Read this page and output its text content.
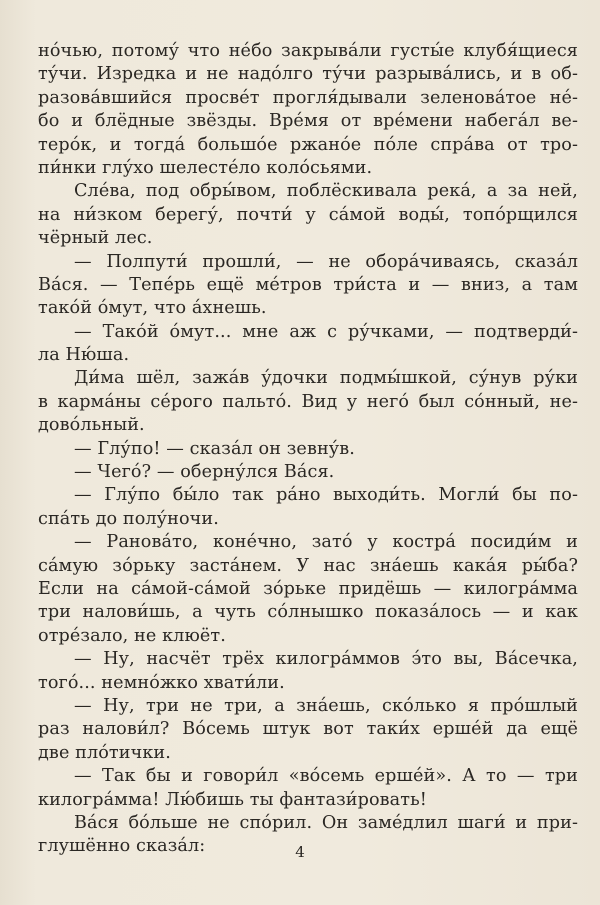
но́чью, потому́ что не́бо закрыва́ли густы́е клубя́щиеся
ту́чи. Изредка и не надо́лго ту́чи разрыва́лись, и в об-
разова́вшийся просве́т прогля́дывали зеленова́тое не́-
бо и блёдные звёзды. Вре́мя от вре́мени набега́л ве-
теро́к, и тогда́ большо́е ржано́е по́ле спра́ва от тро-
пи́нки глу́хо шелесте́ло коло́сьями.
Сле́ва, под обры́вом, поблёскивала река́, а за ней,
на ни́зком берегу́, почти́ у са́мой воды́, топо́рщился
чёрный лес.
— Полпути́ прошли́, — не обора́чиваясь, сказа́л
Ва́ся. — Тепе́рь ещё ме́тров три́ста и — вниз, а там
тако́й о́мут, что а́хнешь.
— Тако́й о́мут... мне аж с ру́чками, — подтверди́-
ла Ню́ша.
Ди́ма шёл, зажа́в у́дочки подмы́шкой, су́нув ру́ки
в карма́ны се́рого пальто́. Вид у него́ был со́нный, не-
дово́льный.
— Глу́по! — сказа́л он зевну́в.
— Чего́? — оберну́лся Ва́ся.
— Глу́по бы́ло так ра́но выходи́ть. Могли́ бы по-
спа́ть до полу́ночи.
— Ранова́то, коне́чно, зато́ у костра́ посиди́м и
са́мую зо́рьку заста́нем. У нас зна́ешь кака́я ры́ба?
Если на са́мой-са́мой зо́рьке придёшь — килогра́мма
три налови́шь, а чуть со́лнышко показа́лось — и как
отре́зало, не клюёт.
— Ну, насчёт трёх килогра́ммов э́то вы, Ва́сечка,
того́... немно́жко хвати́ли.
— Ну, три не три, а зна́ешь, ско́лько я про́шлый
раз налови́л? Во́семь штук вот таки́х ерше́й да ещё
две пло́тички.
— Так бы и говори́л «во́семь ерше́й». А то — три
килогра́мма! Лю́бишь ты фантази́ровать!
Ва́ся бо́льше не спо́рил. Он заме́длил шаги́ и при-
глушённо сказа́л:	4
